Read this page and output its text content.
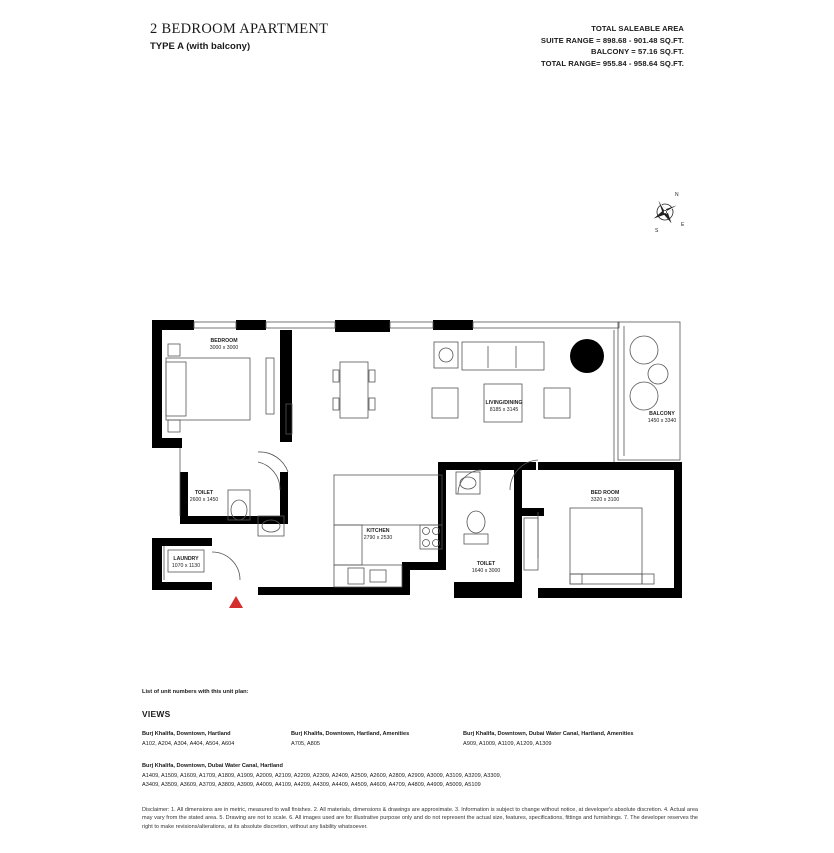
2 BEDROOM APARTMENT
TYPE A (with balcony)
TOTAL SALEABLE AREA
SUITE RANGE = 898.68 - 901.48 SQ.FT.
BALCONY = 57.16 SQ.FT.
TOTAL RANGE= 955.84 - 958.64 SQ.FT.
N
E
S
BEDROOM
3000 x 3000
LIVING/DINING
8185 x 3145
BALCONY
1450 x 3340
TOILET
2600 x 1450
BED ROOM
3320 x 3100
KITCHEN
2790 x 2530
LAUNDRY
1070 x 1130	TOILET
1640 x 3000
List of unit numbers with this unit plan:
VIEWS
Burj Khalifa, Downtown, Hartland
A102, A204, A304, A404, A504, A604
Burj Khalifa, Downtown, Hartland, Amenities
A705, A805
Burj Khalifa, Downtown, Dubai Water Canal, Hartland, Amenities
A909, A1009, A1109, A1209, A1309
Burj Khalifa, Downtown, Dubai Water Canal, Hartland
A1409, A1509, A1609, A1709, A1809, A1909, A2009, A2109, A2209, A2309, A2409, A2509, A2609, A2809, A2909, A3009, A3109, A3209, A3309,
A3409, A3509, A3609, A3709, A3809, A3909, A4009, A4109, A4209, A4309, A4409, A4509, A4609, A4709, A4809, A4909, A5009, A5109
Disclaimer: 1. All dimensions are in metric, measured to wall finishes. 2. All materials, dimensions & drawings are approximate. 3. Information is subject to change without notice, at developer's absolute discretion. 4. Actual area may vary from the stated area. 5. Drawing are not to scale. 6. All images used are for illustrative purpose only and do not represent the actual size, features, specifications, fittings and furnishings. 7. The developer reserves the right to make revisions/alterations, at its absolute discretion, without any liability whatsoever.
